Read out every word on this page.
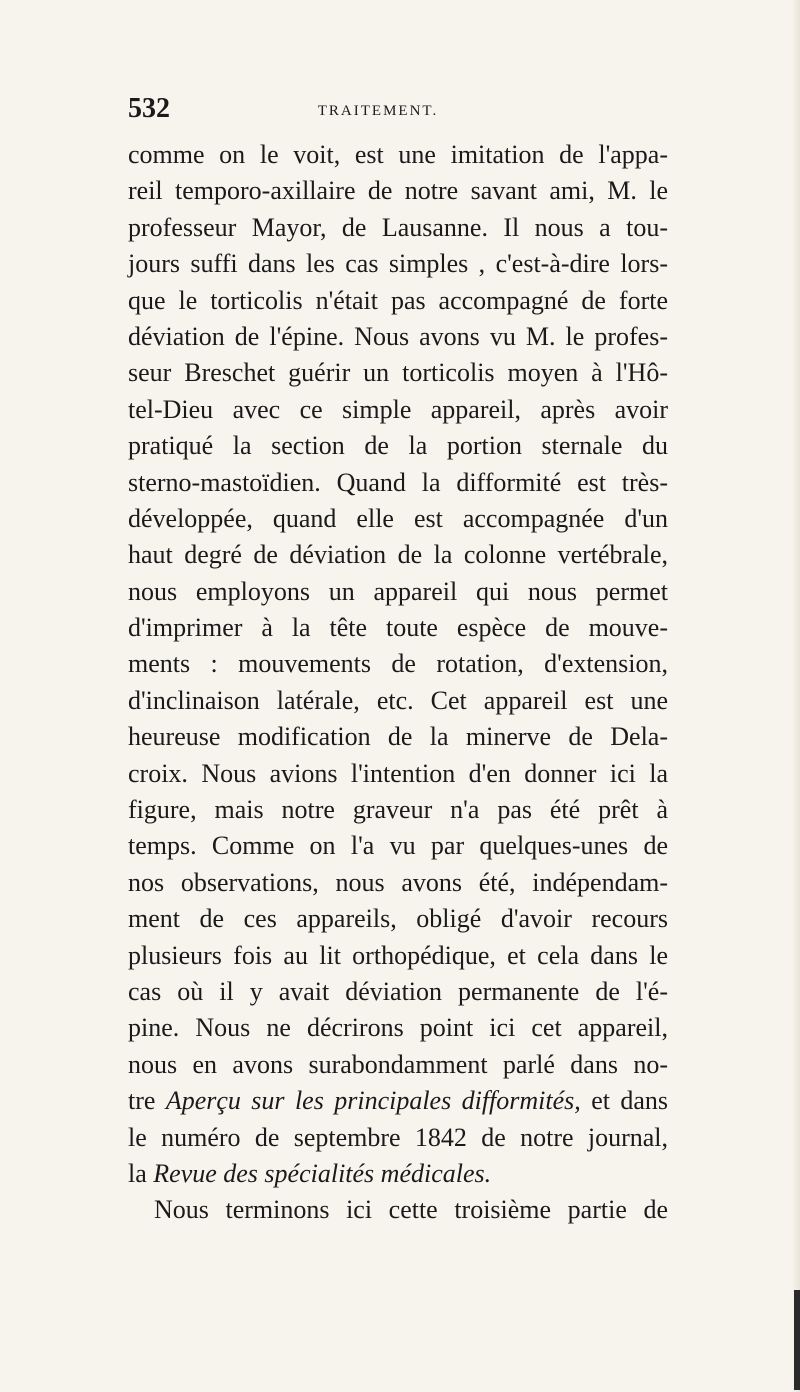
532	TRAITEMENT.
comme on le voit, est une imitation de l'appa-
reil temporo-axillaire de notre savant ami, M. le
professeur Mayor, de Lausanne. Il nous a tou-
jours suffi dans les cas simples , c'est-à-dire lors-
que le torticolis n'était pas accompagné de forte
déviation de l'épine. Nous avons vu M. le profes-
seur Breschet guérir un torticolis moyen à l'Hô-
tel-Dieu avec ce simple appareil, après avoir
pratiqué la section de la portion sternale du
sterno-mastoïdien. Quand la difformité est très-
développée, quand elle est accompagnée d'un
haut degré de déviation de la colonne vertébrale,
nous employons un appareil qui nous permet
d'imprimer à la tête toute espèce de mouve-
ments : mouvements de rotation, d'extension,
d'inclinaison latérale, etc. Cet appareil est une
heureuse modification de la minerve de Dela-
croix. Nous avions l'intention d'en donner ici la
figure, mais notre graveur n'a pas été prêt à
temps. Comme on l'a vu par quelques-unes de
nos observations, nous avons été, indépendam-
ment de ces appareils, obligé d'avoir recours
plusieurs fois au lit orthopédique, et cela dans le
cas où il y avait déviation permanente de l'é-
pine. Nous ne décrirons point ici cet appareil,
nous en avons surabondamment parlé dans no-
tre Aperçu sur les principales difformités, et dans
le numéro de septembre 1842 de notre journal,
la Revue des spécialités médicales.
Nous terminons ici cette troisième partie de
